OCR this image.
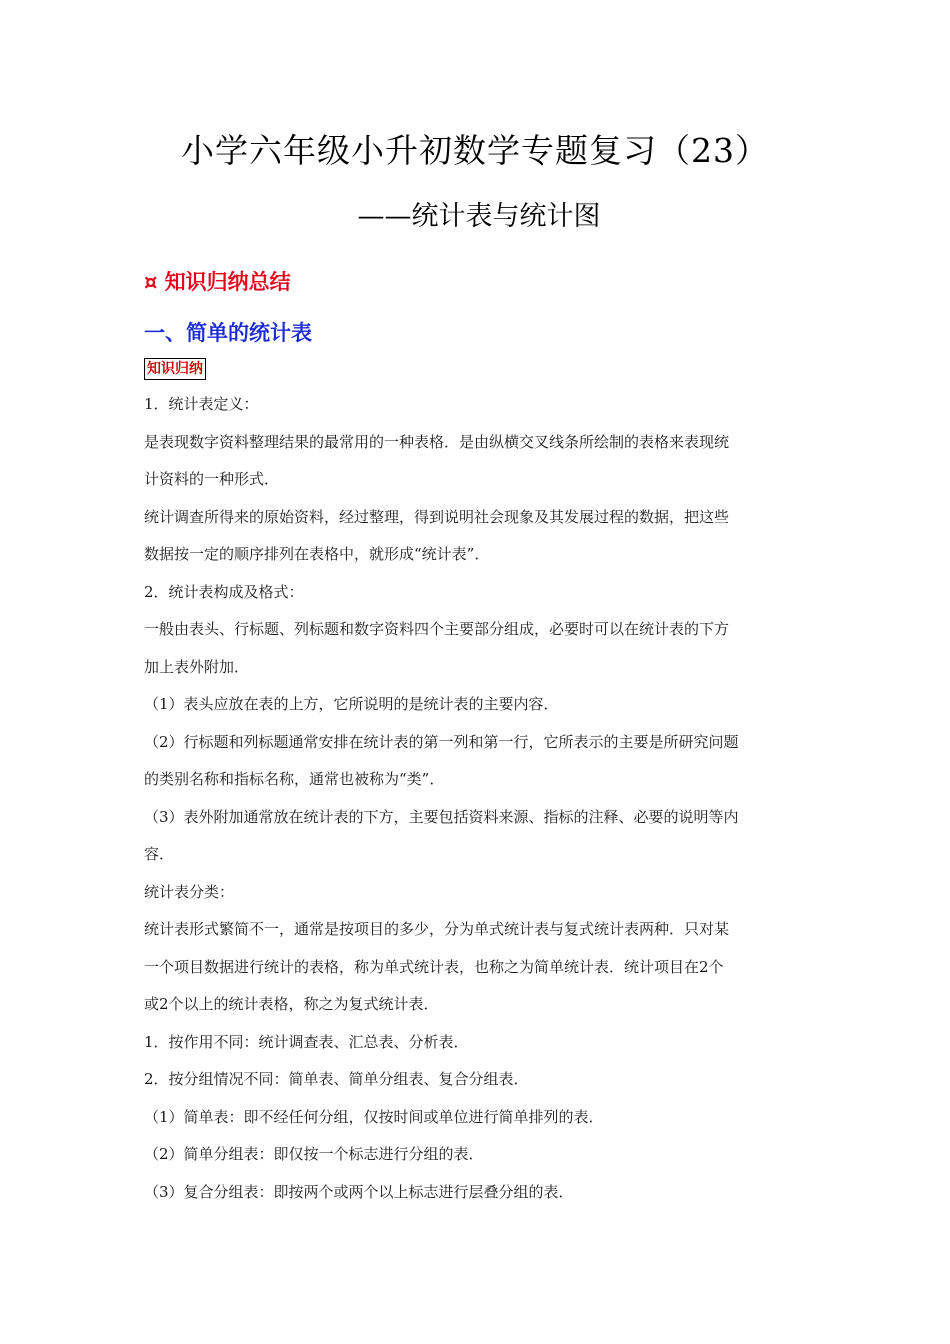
小学六年级小升初数学专题复习（23）
——统计表与统计图
¤ 知识归纳总结
一、简单的统计表
知识归纳
1．统计表定义：
是表现数字资料整理结果的最常用的一种表格．是由纵横交叉线条所绘制的表格来表现统
计资料的一种形式．
统计调查所得来的原始资料，经过整理，得到说明社会现象及其发展过程的数据，把这些
数据按一定的顺序排列在表格中，就形成“统计表”．
2．统计表构成及格式：
一般由表头、行标题、列标题和数字资料四个主要部分组成，必要时可以在统计表的下方
加上表外附加．
（1）表头应放在表的上方，它所说明的是统计表的主要内容．
（2）行标题和列标题通常安排在统计表的第一列和第一行，它所表示的主要是所研究问题
的类别名称和指标名称，通常也被称为“类”．
（3）表外附加通常放在统计表的下方，主要包括资料来源、指标的注释、必要的说明等内
容．
统计表分类：
统计表形式繁简不一，通常是按项目的多少，分为单式统计表与复式统计表两种．只对某
一个项目数据进行统计的表格，称为单式统计表，也称之为简单统计表．统计项目在2个
或2个以上的统计表格，称之为复式统计表．
1．按作用不同：统计调查表、汇总表、分析表．
2．按分组情况不同：简单表、简单分组表、复合分组表．
（1）简单表：即不经任何分组，仅按时间或单位进行简单排列的表．
（2）简单分组表：即仅按一个标志进行分组的表．
（3）复合分组表：即按两个或两个以上标志进行层叠分组的表．
